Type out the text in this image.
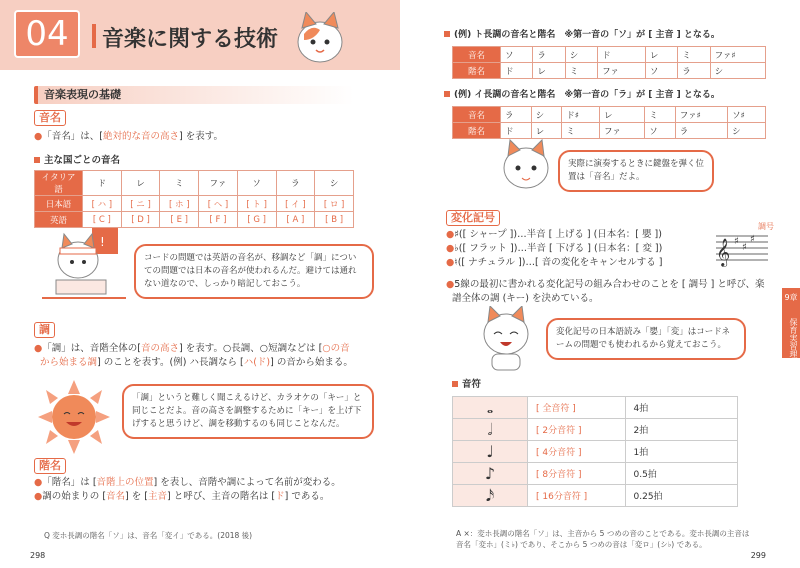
04	音楽に関する技術
音楽表現の基礎
音名
●「音名」は、[絶対的な音の高さ] を表す。
主な国ごとの音名
イタリア語	ド	レ	ミ	ファ	ソ	ラ	シ
日本語	[ ハ ]	[ ニ ]	[ ホ ]	[ ヘ ]	[ ト ]	[ イ ]	[ ロ ]
英語	[ C ]	[ D ]	[ E ]	[ F ]	[ G ]	[ A ]	[ B ]
!
コードの問題では英語の音名が、移調など「調」についての問題では日本の音名が使われるんだ。避けては通れない道なので、しっかり暗記しておこう。
調
●「調」は、音階全体の[音の高さ] を表す。○長調、○短調などは [○の音
から始まる調] のことを表す。(例) ハ長調なら [ハ(ド)] の音から始まる。
「調」というと難しく聞こえるけど、カラオケの「キー」と同じことだよ。音の高さを調整するために「キー」を上げ下げすると思うけど、調を移動するのも同じことなんだ。
階名
●「階名」は [音階上の位置] を表し、音階や調によって名前が変わる。
●調の始まりの [音名] を [主音] と呼び、主音の階名は [ド] である。
Q 変ホ長調の階名「ソ」は、音名「変イ」である。(2018 後)
298
(例) ト長調の音名と階名　※第一音の「ソ」が [ 主音 ] となる。
音名	ソ	ラ	シ	ド	レ	ミ	ファ♯
階名	ド	レ	ミ	ファ	ソ	ラ	シ
(例) イ長調の音名と階名　※第一音の「ラ」が [ 主音 ] となる。
音名	ラ	シ	ド♯	レ	ミ	ファ♯	ソ♯
階名	ド	レ	ミ	ファ	ソ	ラ	シ
実際に演奏するときに鍵盤を弾く位置は「音名」だよ。
変化記号
●♯([ シャープ ])…半音 [ 上げる ] (日本名：[ 嬰 ])
●♭([ フラット ])…半音 [ 下げる ] (日本名：[ 変 ])
●♮([ ナチュラル ])…[ 音の変化をキャンセルする ]	𝄞 ♯
♯
♯
調号
●5線の最初に書かれる変化記号の組み合わせのことを [ 調号 ] と呼び、楽
譜全体の調 (キー) を決めている。
変化記号の日本語読み「嬰」「変」はコードネームの問題でも使われるから覚えておこう。
音符
𝅝	[ 全音符 ]	4拍
𝅗𝅥	[ 2分音符 ]	2拍
♩	[ 4分音符 ]	1拍
♪	[ 8分音符 ]	0.5拍
𝅘𝅥𝅯	[ 16分音符 ]	0.25拍
A ×：変ホ長調の階名「ソ」は、主音から 5 つめの音のことである。変ホ長調の主音は
音名「変ホ」(ミ♭) であり、そこから 5 つめの音は「変ロ」(シ♭) である。
299
9章
保育実習理論
